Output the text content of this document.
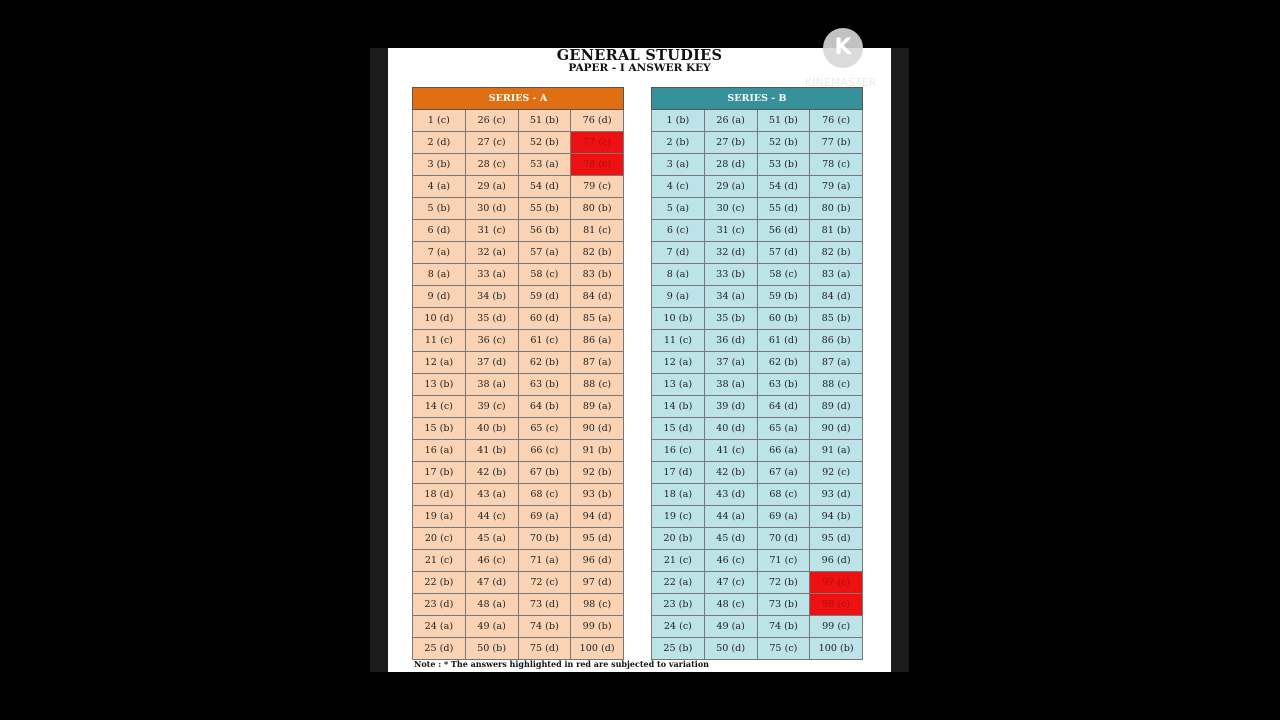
GENERAL STUDIES
PAPER - I ANSWER KEY
SERIES - A			
1 (c)	26 (c)	51 (b)	76 (d)
2 (d)	27 (c)	52 (b)	77 (c)
3 (b)	28 (c)	53 (a)	78 (c)
4 (a)	29 (a)	54 (d)	79 (c)
5 (b)	30 (d)	55 (b)	80 (b)
6 (d)	31 (c)	56 (b)	81 (c)
7 (a)	32 (a)	57 (a)	82 (b)
8 (a)	33 (a)	58 (c)	83 (b)
9 (d)	34 (b)	59 (d)	84 (d)
10 (d)	35 (d)	60 (d)	85 (a)
11 (c)	36 (c)	61 (c)	86 (a)
12 (a)	37 (d)	62 (b)	87 (a)
13 (b)	38 (a)	63 (b)	88 (c)
14 (c)	39 (c)	64 (b)	89 (a)
15 (b)	40 (b)	65 (c)	90 (d)
16 (a)	41 (b)	66 (c)	91 (b)
17 (b)	42 (b)	67 (b)	92 (b)
18 (d)	43 (a)	68 (c)	93 (b)
19 (a)	44 (c)	69 (a)	94 (d)
20 (c)	45 (a)	70 (b)	95 (d)
21 (c)	46 (c)	71 (a)	96 (d)
22 (b)	47 (d)	72 (c)	97 (d)
23 (d)	48 (a)	73 (d)	98 (c)
24 (a)	49 (a)	74 (b)	99 (b)
25 (d)	50 (b)	75 (d)	100 (d)
SERIES - B			
1 (b)	26 (a)	51 (b)	76 (c)
2 (b)	27 (b)	52 (b)	77 (b)
3 (a)	28 (d)	53 (b)	78 (c)
4 (c)	29 (a)	54 (d)	79 (a)
5 (a)	30 (c)	55 (d)	80 (b)
6 (c)	31 (c)	56 (d)	81 (b)
7 (d)	32 (d)	57 (d)	82 (b)
8 (a)	33 (b)	58 (c)	83 (a)
9 (a)	34 (a)	59 (b)	84 (d)
10 (b)	35 (b)	60 (b)	85 (b)
11 (c)	36 (d)	61 (d)	86 (b)
12 (a)	37 (a)	62 (b)	87 (a)
13 (a)	38 (a)	63 (b)	88 (c)
14 (b)	39 (d)	64 (d)	89 (d)
15 (d)	40 (d)	65 (a)	90 (d)
16 (c)	41 (c)	66 (a)	91 (a)
17 (d)	42 (b)	67 (a)	92 (c)
18 (a)	43 (d)	68 (c)	93 (d)
19 (c)	44 (a)	69 (a)	94 (b)
20 (b)	45 (d)	70 (d)	95 (d)
21 (c)	46 (c)	71 (c)	96 (d)
22 (a)	47 (c)	72 (b)	97 (c)
23 (b)	48 (c)	73 (b)	98 (c)
24 (c)	49 (a)	74 (b)	99 (c)
25 (b)	50 (d)	75 (c)	100 (b)
Note : * The answers highlighted in red are subjected to variation
K
KINEMASTER
